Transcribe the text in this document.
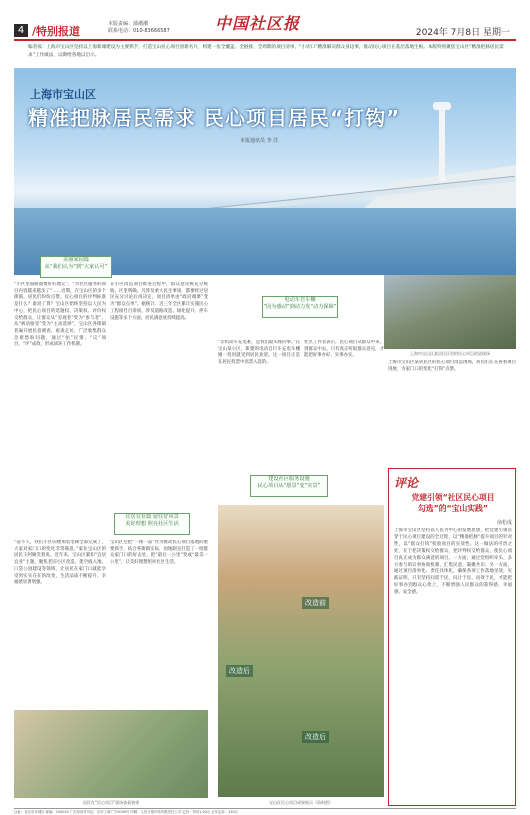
4 /特别报道
本版责编：蒲潮潮
联系电话：010-83666587	中国社区报	2024年 7月8日 星期一
编者按：上海市宝山区坚持以上海新城建设为主要抓手，打造宝山民心项目创新名片，构建一张全覆盖、全链接、全周期的项目清单，“小切口”精准解决群众身边事，推动民心项目在基层落地生根。本版特别聚焦宝山区“精准把脉居民需求”工作做法，以期给各地以启示。
上海市宝山区
精准把脉居民需求 民心项目居民“打钩”
本报通讯员 李 洋
美丽家园篇
从“我们认为”到“大家认可”
电动车自车棚
“因为感动”到动力发“动力保障”
“小区里面路面要好好地完”、“为社区服务的项目内容越来越多了”……近期，在宝山区的多个街镇，居民们纷纷点赞。民心项目的评判标准是什么？谁说了算？宝山区始终坚持以人民为中心，把民心项目的选题权、决策权、评价权交给群众，让群众从“旁观者”变为“参与者”，从“被动接受”变为“主动选择”，宝山区各街镇普遍开展民意调查、座谈走访，广泛收集群众急难愁盼问题，通过“拍”民情、“议”项目、“评”成效，形成闭环工作机制。
在小区改造项目推进过程中，群众意见被充分吸收。区里明确，凡涉及重大民生事项，都要经过居民充分讨论后再决定，项目清单由“政府端菜”变为“群众点单”。据统计，近三年全区累计实施民心工程项目百余项，涉及道路改造、绿化提升、停车设施等多个方面，居民满意度持续提高。
“非机动车充电难，是我们最头疼的事。”在宝山某小区，新建的电动自行车充电车棚刚一投用就受到居民欢迎。这一项目正是在居民投票中高票入选的。
社区工作者表示，民心项目从群众中来，到群众中去，只有真正听取群众意见，才能把好事办好、实事办实。	上海市宝山区某居民区里的民心项目改造现场
上海市宝山区某居民区的民心项目改造现场，居民们正在查看项目进展，为家门口的变化“打钩”点赞。
宜居宜业篇 留住好风景
美好理想 照亮社区生活
建设社区服务设施
民心项目从“愿景”变“实景”
“前不久，我们小区旧楼加装电梯全部完成了，大家对家门口的变化非常满意。”家住宝山区的居民王阿姨笑着说。近年来，宝山区紧扣“宜居宜业”主题，聚焦老旧小区改造、架空线入地、口袋公园建设等领域，让居民在家门口就能享受到实实在在的改变，生活品质不断提升，幸福感显著增强。
宝山区还把“一街一品”作为推动民心项目落地的重要抓手，结合各街镇实际，因地制宜打造了一批群众家门口的好去处，把“最后一公里”变成“最美一公里”，让美好理想照亮社区生活。
居民在“民心项目”现场查看效果
改造前
改造后
改造后
宝山区民心项目成果展示（资料图）
评论
党建引领“社区民心项目
勾选”的“宝山实践”
俞松成
上海市宝山区坚持以人民为中心的发展思想，把党建引领贯穿于民心项目建设的全过程，以“精准把脉”提升项目的针对性，以“群众打钩”检验项目的实效性。这一做法的可贵之处，在于把决策权交给群众，把评判权交给群众，使民心项目真正成为群众满意的项目。一方面，通过党组织牵头、多方参与的议事协商机制，汇集民意、凝聚共识；另一方面，通过项目清单化、责任具体化，确保各项工作落地见效。实践证明，只有坚持问需于民、问计于民、问效于民，才能把好事办到群众心坎上，不断增强人民群众的获得感、幸福感、安全感。
社址：北京市东城区 邮编：100010 广告经营许可证：京东工商广字0000号 印刷：人民日报印务有限责任公司 定价：每份1.00元 全年定价：150元
